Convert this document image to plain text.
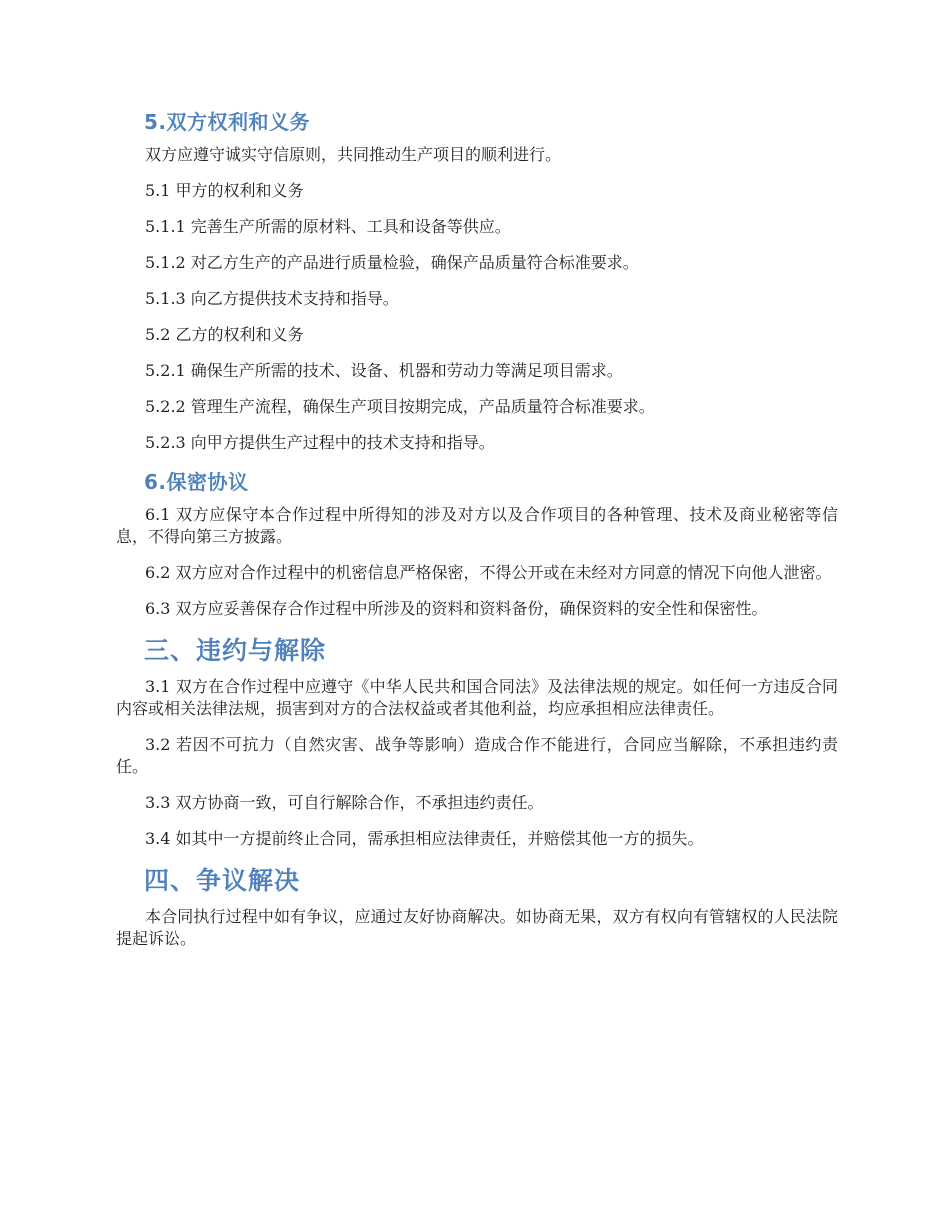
5.双方权利和义务

双方应遵守诚实守信原则，共同推动生产项目的顺利进行。

5.1 甲方的权利和义务

5.1.1 完善生产所需的原材料、工具和设备等供应。

5.1.2 对乙方生产的产品进行质量检验，确保产品质量符合标准要求。

5.1.3 向乙方提供技术支持和指导。

5.2 乙方的权利和义务

5.2.1 确保生产所需的技术、设备、机器和劳动力等满足项目需求。

5.2.2 管理生产流程，确保生产项目按期完成，产品质量符合标准要求。

5.2.3 向甲方提供生产过程中的技术支持和指导。

6.保密协议

6.1 双方应保守本合作过程中所得知的涉及对方以及合作项目的各种管理、技术及商业秘密等信息，不得向第三方披露。

6.2 双方应对合作过程中的机密信息严格保密，不得公开或在未经对方同意的情况下向他人泄密。

6.3 双方应妥善保存合作过程中所涉及的资料和资料备份，确保资料的安全性和保密性。

三、违约与解除

3.1 双方在合作过程中应遵守《中华人民共和国合同法》及法律法规的规定。如任何一方违反合同内容或相关法律法规，损害到对方的合法权益或者其他利益，均应承担相应法律责任。

3.2 若因不可抗力（自然灾害、战争等影响）造成合作不能进行，合同应当解除，不承担违约责任。

3.3 双方协商一致，可自行解除合作，不承担违约责任。

3.4 如其中一方提前终止合同，需承担相应法律责任，并赔偿其他一方的损失。

四、争议解决

本合同执行过程中如有争议，应通过友好协商解决。如协商无果，双方有权向有管辖权的人民法院提起诉讼。
